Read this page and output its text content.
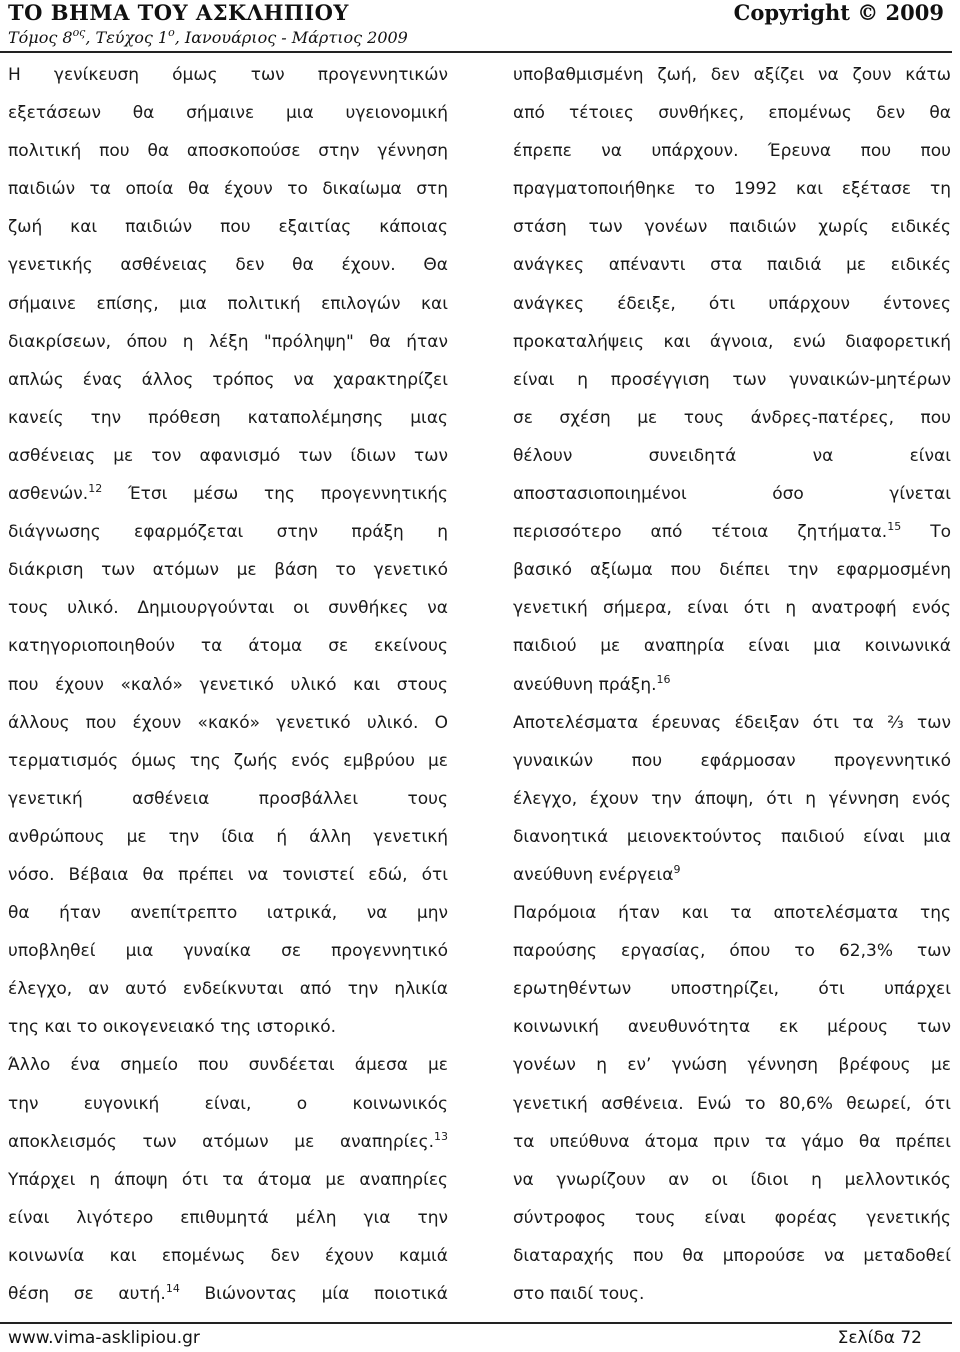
ΤΟ ΒΗΜΑ ΤΟΥ ΑΣΚΛΗΠΙΟΥ	Copyright © 2009
Τόμος $8^{o\varsigma}$, Τεύχος $1^o$, Ιανουάριος - Μάρτιος 2009
Η γενίκευση όμως των προγεννητικών
εξετάσεων θα σήμαινε μια υγειονομική
πολιτική που θα αποσκοπούσε στην γέννηση
παιδιών τα οποία θα έχουν το δικαίωμα στη
ζωή και παιδιών που εξαιτίας κάποιας
γενετικής ασθένειας δεν θα έχουν. Θα
σήμαινε επίσης, μια πολιτική επιλογών και
διακρίσεων, όπου η λέξη "πρόληψη" θα ήταν
απλώς ένας άλλος τρόπος να χαρακτηρίζει
κανείς την πρόθεση καταπολέμησης μιας
ασθένειας με τον αφανισμό των ίδιων των
ασθενών.$^{12}$ Έτσι μέσω της προγεννητικής
διάγνωσης εφαρμόζεται στην πράξη η
διάκριση των ατόμων με βάση το γενετικό
τους υλικό. Δημιουργούνται οι συνθήκες να
κατηγοριοποιηθούν τα άτομα σε εκείνους
που έχουν «καλό» γενετικό υλικό και στους
άλλους που έχουν «κακό» γενετικό υλικό. Ο
τερματισμός όμως της ζωής ενός εμβρύου με
γενετική ασθένεια προσβάλλει τους
ανθρώπους με την ίδια ή άλλη γενετική
νόσο. Βέβαια θα πρέπει να τονιστεί εδώ, ότι
θα ήταν ανεπίτρεπτο ιατρικά, να μην
υποβληθεί μια γυναίκα σε προγεννητικό
έλεγχο, αν αυτό ενδείκνυται από την ηλικία
της και το οικογενειακό της ιστορικό.
Άλλο ένα σημείο που συνδέεται άμεσα με
την ευγονική είναι, ο κοινωνικός
αποκλεισμός των ατόμων με αναπηρίες.$^{13}$
Υπάρχει η άποψη ότι τα άτομα με αναπηρίες
είναι λιγότερο επιθυμητά μέλη για την
κοινωνία και επομένως δεν έχουν καμιά
θέση σε αυτή.$^{14}$ Βιώνοντας μία ποιοτικά
υποβαθμισμένη ζωή, δεν αξίζει να ζουν κάτω
από τέτοιες συνθήκες, επομένως δεν θα
έπρεπε να υπάρχουν. Έρευνα που που
πραγματοποιήθηκε το 1992 και εξέτασε τη
στάση των γονέων παιδιών χωρίς ειδικές
ανάγκες απέναντι στα παιδιά με ειδικές
ανάγκες έδειξε, ότι υπάρχουν έντονες
προκαταλήψεις και άγνοια, ενώ διαφορετική
είναι η προσέγγιση των γυναικών-μητέρων
σε σχέση με τους άνδρες-πατέρες, που
θέλουν συνειδητά να είναι
αποστασιοποιημένοι όσο γίνεται
περισσότερο από τέτοια ζητήματα.$^{15}$ Το
βασικό αξίωμα που διέπει την εφαρμοσμένη
γενετική σήμερα, είναι ότι η ανατροφή ενός
παιδιού με αναπηρία είναι μια κοινωνικά
ανεύθυνη πράξη.$^{16}$
Αποτελέσματα έρευνας έδειξαν ότι τα ⅔ των
γυναικών που εφάρμοσαν προγεννητικό
έλεγχο, έχουν την άποψη, ότι η γέννηση ενός
διανοητικά μειονεκτούντος παιδιού είναι μια
ανεύθυνη ενέργεια$^9$
Παρόμοια ήταν και τα αποτελέσματα της
παρούσης εργασίας, όπου το 62,3% των
ερωτηθέντων υποστηρίζει, ότι υπάρχει
κοινωνική ανευθυνότητα εκ μέρους των
γονέων η εν’ γνώση γέννηση βρέφους με
γενετική ασθένεια. Ενώ το 80,6% θεωρεί, ότι
τα υπεύθυνα άτομα πριν τα γάμο θα πρέπει
να γνωρίζουν αν οι ίδιοι η μελλοντικός
σύντροφος τους είναι φορέας γενετικής
διαταραχής που θα μπορούσε να μεταδοθεί
στο παιδί τους.
www.vima-asklipiou.gr	Σελίδα 72
